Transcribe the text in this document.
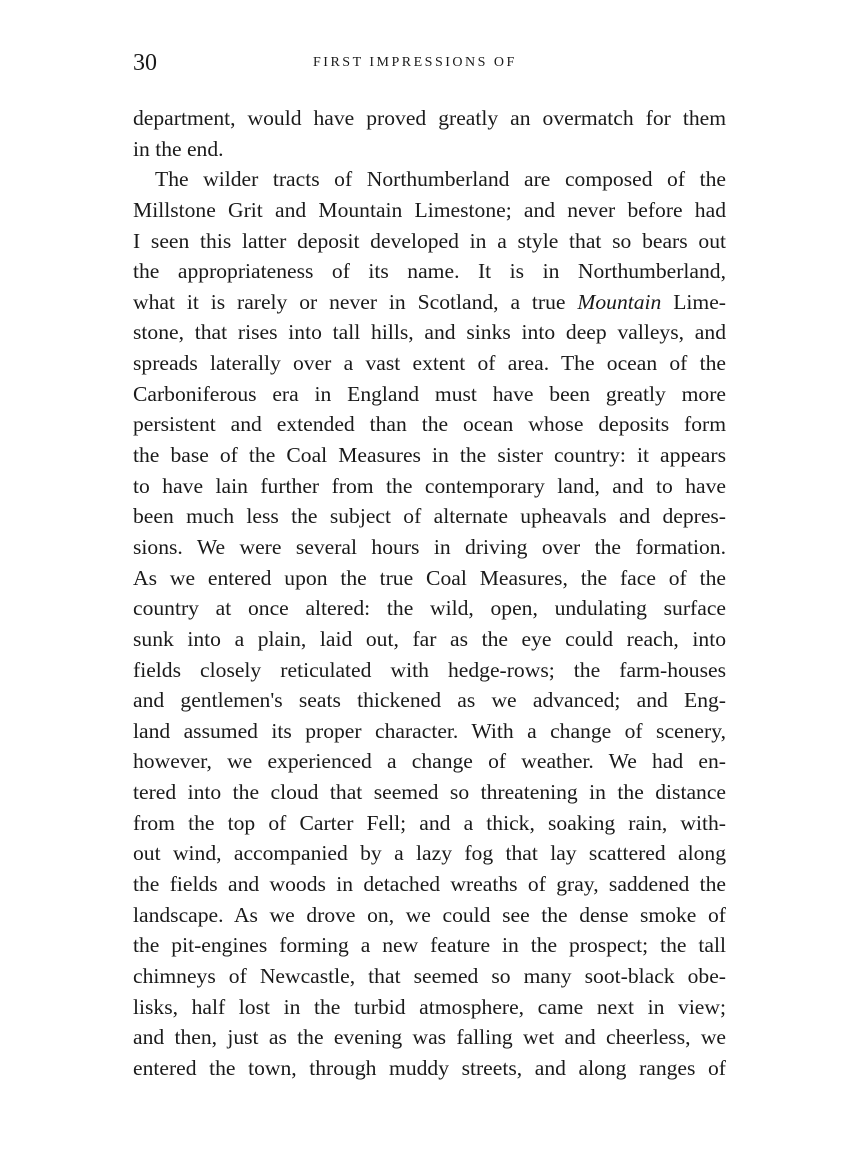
30	FIRST IMPRESSIONS OF
department, would have proved greatly an overmatch for them
in the end.
The wilder tracts of Northumberland are composed of the
Millstone Grit and Mountain Limestone; and never before had
I seen this latter deposit developed in a style that so bears out
the appropriateness of its name. It is in Northumberland,
what it is rarely or never in Scotland, a true Mountain Lime-
stone, that rises into tall hills, and sinks into deep valleys, and
spreads laterally over a vast extent of area. The ocean of the
Carboniferous era in England must have been greatly more
persistent and extended than the ocean whose deposits form
the base of the Coal Measures in the sister country: it appears
to have lain further from the contemporary land, and to have
been much less the subject of alternate upheavals and depres-
sions. We were several hours in driving over the formation.
As we entered upon the true Coal Measures, the face of the
country at once altered: the wild, open, undulating surface
sunk into a plain, laid out, far as the eye could reach, into
fields closely reticulated with hedge-rows; the farm-houses
and gentlemen's seats thickened as we advanced; and Eng-
land assumed its proper character. With a change of scenery,
however, we experienced a change of weather. We had en-
tered into the cloud that seemed so threatening in the distance
from the top of Carter Fell; and a thick, soaking rain, with-
out wind, accompanied by a lazy fog that lay scattered along
the fields and woods in detached wreaths of gray, saddened the
landscape. As we drove on, we could see the dense smoke of
the pit-engines forming a new feature in the prospect; the tall
chimneys of Newcastle, that seemed so many soot-black obe-
lisks, half lost in the turbid atmosphere, came next in view;
and then, just as the evening was falling wet and cheerless, we
entered the town, through muddy streets, and along ranges of
